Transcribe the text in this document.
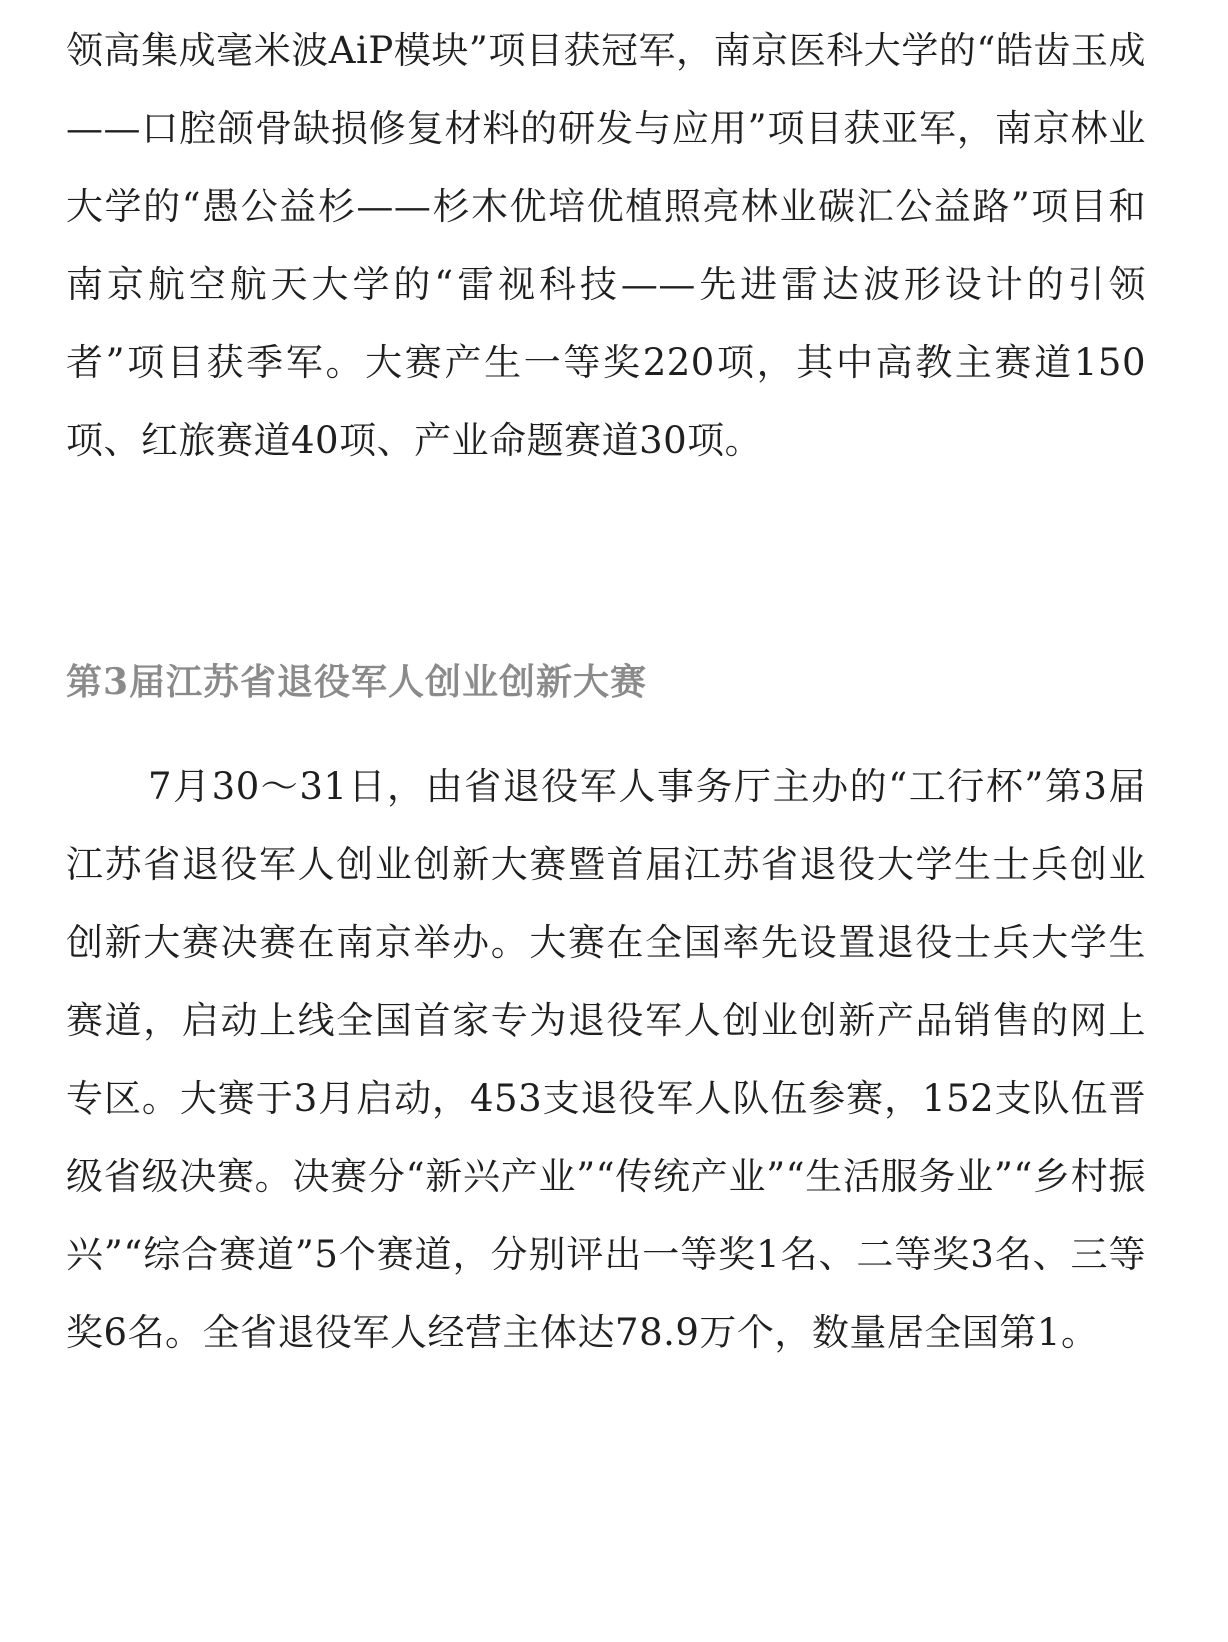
领高集成毫米波AiP模块”项目获冠军，南京医科大学的“皓齿玉成——口腔颌骨缺损修复材料的研发与应用”项目获亚军，南京林业大学的“愚公益杉——杉木优培优植照亮林业碳汇公益路”项目和南京航空航天大学的“雷视科技——先进雷达波形设计的引领者”项目获季军。大赛产生一等奖220项，其中高教主赛道150项、红旅赛道40项、产业命题赛道30项。

第3届江苏省退役军人创业创新大赛

7月30～31日，由省退役军人事务厅主办的“工行杯”第3届江苏省退役军人创业创新大赛暨首届江苏省退役大学生士兵创业创新大赛决赛在南京举办。大赛在全国率先设置退役士兵大学生赛道，启动上线全国首家专为退役军人创业创新产品销售的网上专区。大赛于3月启动，453支退役军人队伍参赛，152支队伍晋级省级决赛。决赛分“新兴产业”“传统产业”“生活服务业”“乡村振兴”“综合赛道”5个赛道，分别评出一等奖1名、二等奖3名、三等奖6名。全省退役军人经营主体达78.9万个，数量居全国第1。
